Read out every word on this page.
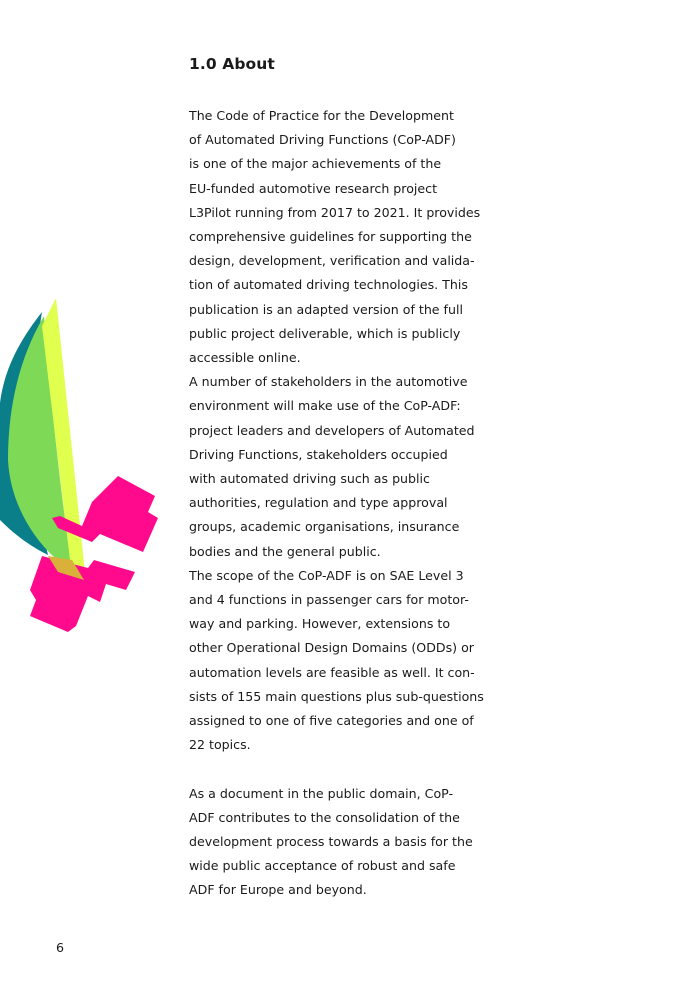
1.0 About
The Code of Practice for the Development
of Automated Driving Functions (CoP-ADF)
is one of the major achievements of the
EU-funded automotive research project
L3Pilot running from 2017 to 2021. It provides
comprehensive guidelines for supporting the
design, development, verification and valida-
tion of automated driving technologies. This
publication is an adapted version of the full
public project deliverable, which is publicly
accessible online.
A number of stakeholders in the automotive
environment will make use of the CoP-ADF:
project leaders and developers of Automated
Driving Functions, stakeholders occupied
with automated driving such as public
authorities, regulation and type approval
groups, academic organisations, insurance
bodies and the general public.
The scope of the CoP-ADF is on SAE Level 3
and 4 functions in passenger cars for motor-
way and parking. However, extensions to
other Operational Design Domains (ODDs) or
automation levels are feasible as well. It con-
sists of 155 main questions plus sub-questions
assigned to one of five categories and one of
22 topics.
As a document in the public domain, CoP-
ADF contributes to the consolidation of the
development process towards a basis for the
wide public acceptance of robust and safe
ADF for Europe and beyond.
6
